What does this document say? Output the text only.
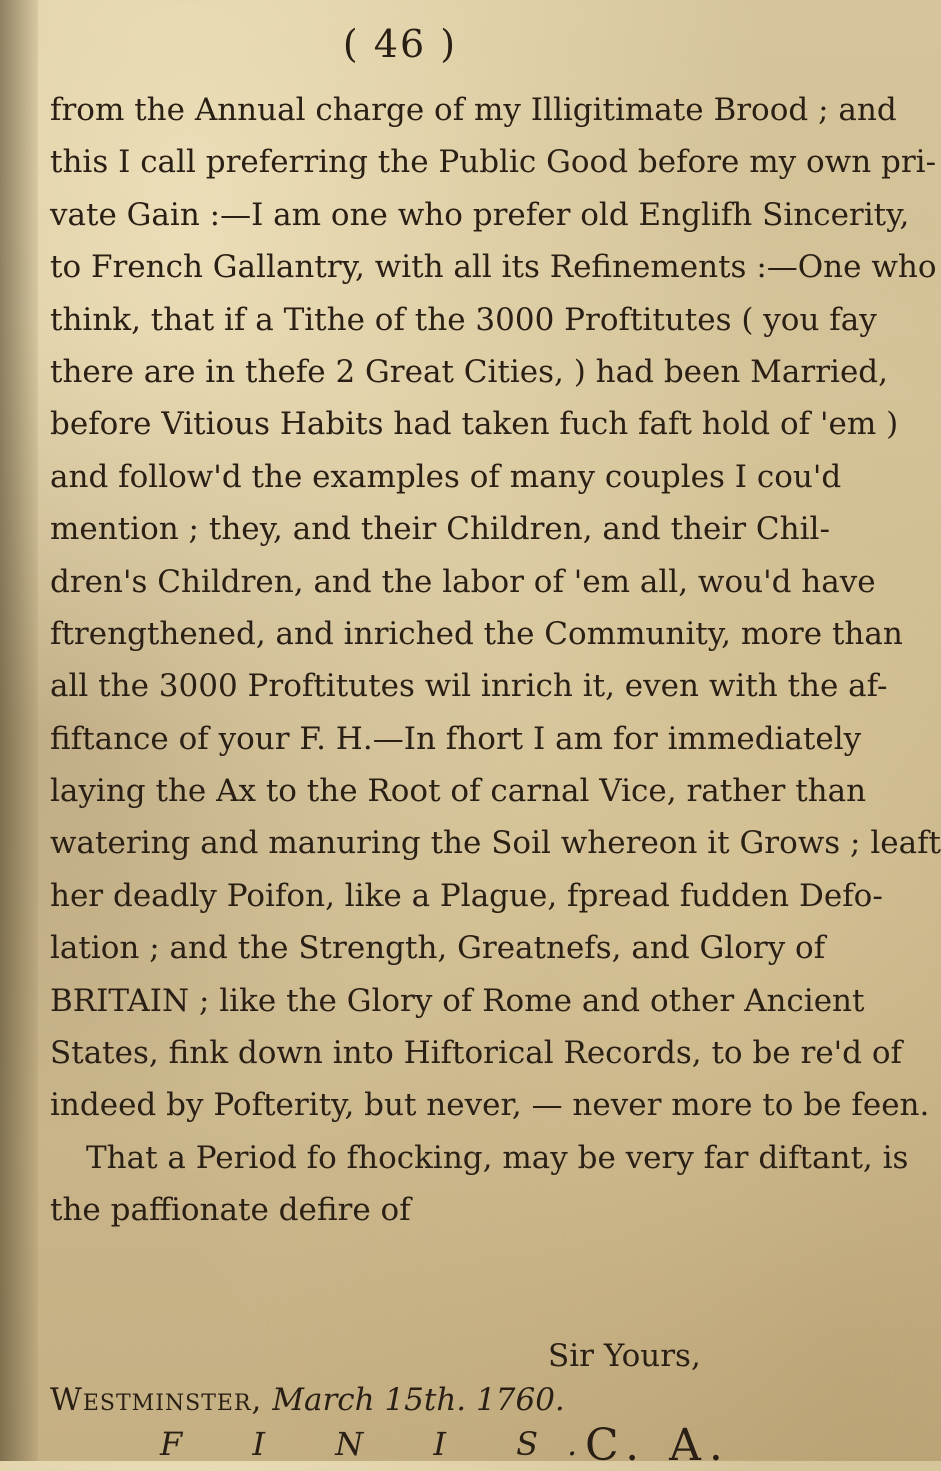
( 46 )
from the Annual charge of my Illigitimate Brood ; and
this I call preferring the Public Good before my own pri-
vate Gain :—I am one who prefer old Englifh Sincerity,
to French Gallantry, with all its Refinements :—One who
think, that if a Tithe of the 3000 Proftitutes ( you fay
there are in thefe 2 Great Cities, ) had been Married,
before Vitious Habits had taken fuch faft hold of 'em )
and follow'd the examples of many couples I cou'd
mention ; they, and their Children, and their Chil-
dren's Children, and the labor of 'em all, wou'd have
ftrengthened, and inriched the Community, more than
all the 3000 Proftitutes wil inrich it, even with the af-
fiftance of your F. H.—In fhort I am for immediately
laying the Ax to the Root of carnal Vice, rather than
watering and manuring the Soil whereon it Grows ; leaft
her deadly Poifon, like a Plague, fpread fudden Defo-
lation ; and the Strength, Greatnefs, and Glory of
BRITAIN ; like the Glory of Rome and other Ancient
States, fink down into Hiftorical Records, to be re'd of
indeed by Pofterity, but never, — never more to be feen.
That a Period fo fhocking, may be very far diftant, is
the paffionate defire of
Sir Yours,
Westminster, March 15th. 1760.
F I N I S.
C. A.
